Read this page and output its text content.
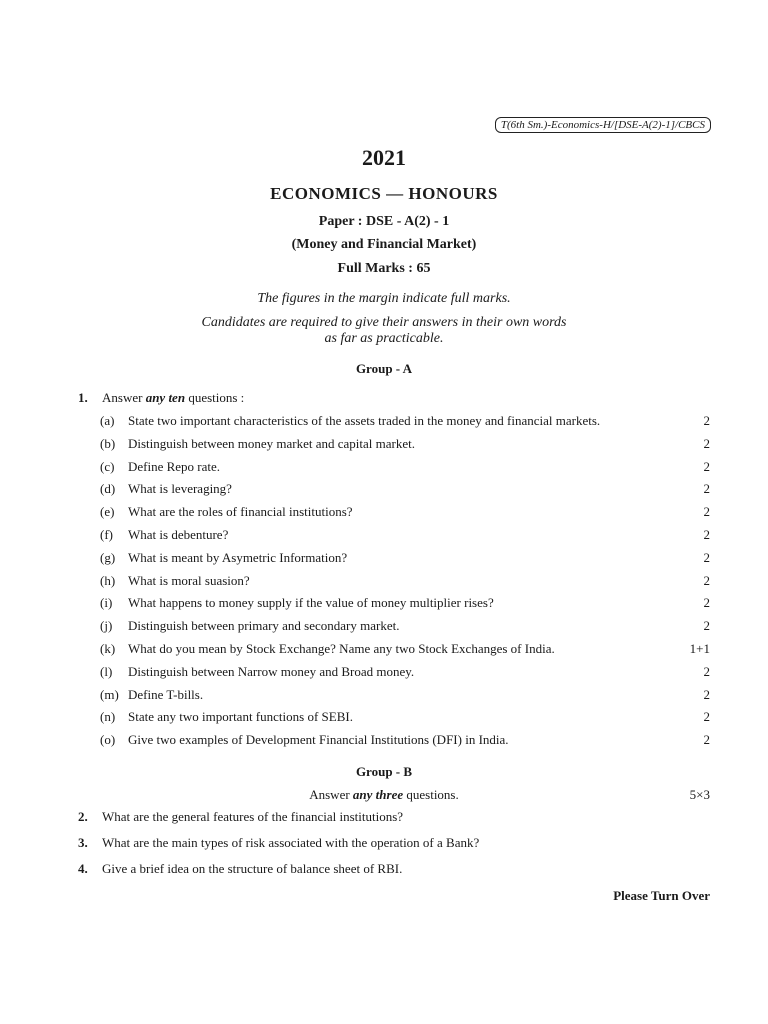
T(6th Sm.)-Economics-H/[DSE-A(2)-1]/CBCS
2021
ECONOMICS — HONOURS
Paper : DSE - A(2) - 1
(Money and Financial Market)
Full Marks : 65
The figures in the margin indicate full marks.
Candidates are required to give their answers in their own words
as far as practicable.
Group - A
1. Answer any ten questions :
(a) State two important characteristics of the assets traded in the money and financial markets.	2
(b) Distinguish between money market and capital market.	2
(c) Define Repo rate.	2
(d) What is leveraging?	2
(e) What are the roles of financial institutions?	2
(f) What is debenture?	2
(g) What is meant by Asymetric Information?	2
(h) What is moral suasion?	2
(i) What happens to money supply if the value of money multiplier rises?	2
(j) Distinguish between primary and secondary market.	2
(k) What do you mean by Stock Exchange? Name any two Stock Exchanges of India.	1+1
(l) Distinguish between Narrow money and Broad money.	2
(m) Define T-bills.	2
(n) State any two important functions of SEBI.	2
(o) Give two examples of Development Financial Institutions (DFI) in India.	2
Group - B
Answer any three questions.	5×3
2. What are the general features of the financial institutions?
3. What are the main types of risk associated with the operation of a Bank?
4. Give a brief idea on the structure of balance sheet of RBI.
Please Turn Over
